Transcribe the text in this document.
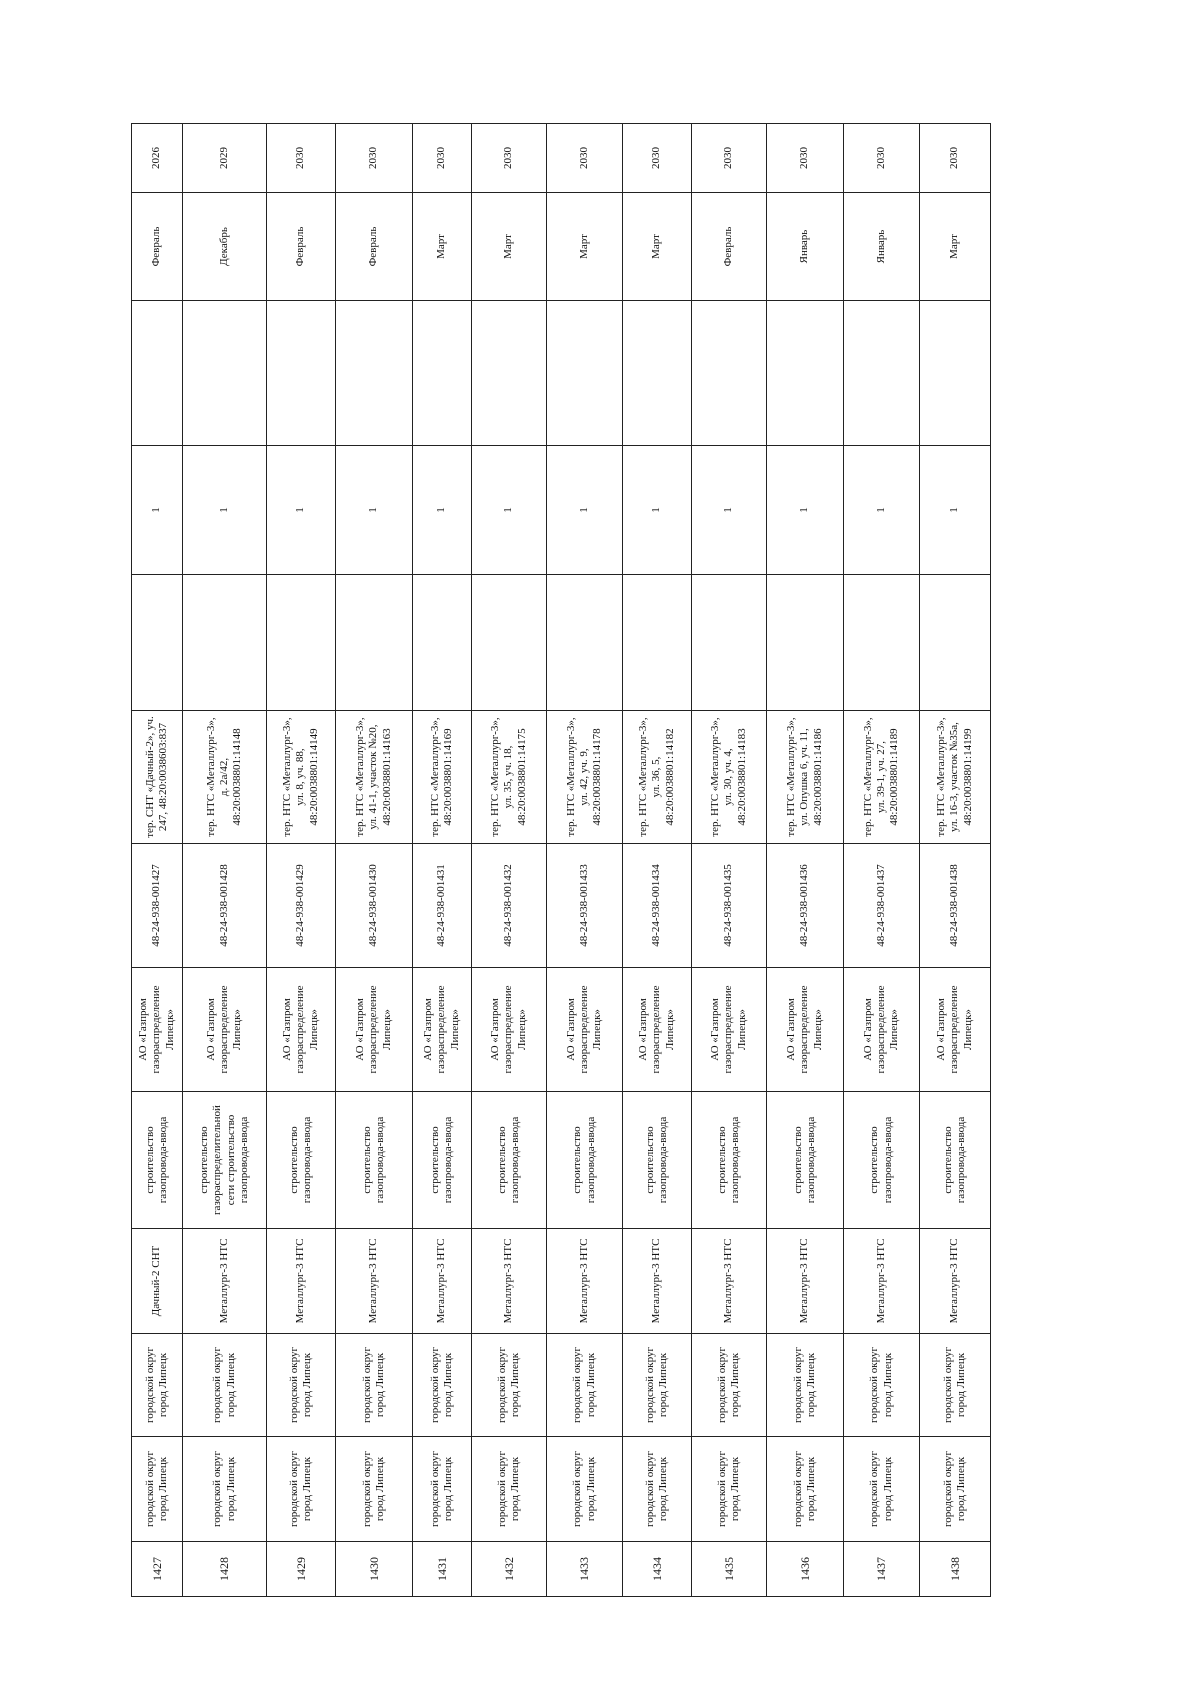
1427	городской округ город Липецк	городской округ город Липецк	Дачный-2 СНТ	строительство газопровода-ввода	АО «Газпром газораспределение Липецк»	48-24-938-001427	тер. СНТ «Дачный-2», уч. 247, 48:20:0038603:837		1		Февраль	2026
1428	городской округ город Липецк	городской округ город Липецк	Металлург-3 НТС	строительство газораспределительной сети строительство газопровода-ввода	АО «Газпром газораспределение Липецк»	48-24-938-001428	тер. НТС «Металлург-3», д. 2а/42, 48:20:0038801:14148		1		Декабрь	2029
1429	городской округ город Липецк	городской округ город Липецк	Металлург-3 НТС	строительство газопровода-ввода	АО «Газпром газораспределение Липецк»	48-24-938-001429	тер. НТС «Металлург-3», ул. 8, уч. 88, 48:20:0038801:14149		1		Февраль	2030
1430	городской округ город Липецк	городской округ город Липецк	Металлург-3 НТС	строительство газопровода-ввода	АО «Газпром газораспределение Липецк»	48-24-938-001430	тер. НТС «Металлург-3», ул. 41-1, участок №20, 48:20:0038801:14163		1		Февраль	2030
1431	городской округ город Липецк	городской округ город Липецк	Металлург-3 НТС	строительство газопровода-ввода	АО «Газпром газораспределение Липецк»	48-24-938-001431	тер. НТС «Металлург-3», 48:20:0038801:14169		1		Март	2030
1432	городской округ город Липецк	городской округ город Липецк	Металлург-3 НТС	строительство газопровода-ввода	АО «Газпром газораспределение Липецк»	48-24-938-001432	тер. НТС «Металлург-3», ул. 35, уч. 18, 48:20:0038801:14175		1		Март	2030
1433	городской округ город Липецк	городской округ город Липецк	Металлург-3 НТС	строительство газопровода-ввода	АО «Газпром газораспределение Липецк»	48-24-938-001433	тер. НТС «Металлург-3», ул. 42, уч. 9, 48:20:0038801:14178		1		Март	2030
1434	городской округ город Липецк	городской округ город Липецк	Металлург-3 НТС	строительство газопровода-ввода	АО «Газпром газораспределение Липецк»	48-24-938-001434	тер. НТС «Металлург-3», ул. 36, 5, 48:20:0038801:14182		1		Март	2030
1435	городской округ город Липецк	городской округ город Липецк	Металлург-3 НТС	строительство газопровода-ввода	АО «Газпром газораспределение Липецк»	48-24-938-001435	тер. НТС «Металлург-3», ул. 30, уч. 4, 48:20:0038801:14183		1		Февраль	2030
1436	городской округ город Липецк	городской округ город Липецк	Металлург-3 НТС	строительство газопровода-ввода	АО «Газпром газораспределение Липецк»	48-24-938-001436	тер. НТС «Металлург-3», ул. Опушка 6, уч. 11, 48:20:0038801:14186		1		Январь	2030
1437	городской округ город Липецк	городской округ город Липецк	Металлург-3 НТС	строительство газопровода-ввода	АО «Газпром газораспределение Липецк»	48-24-938-001437	тер. НТС «Металлург-3», ул. 39-1, уч. 27, 48:20:0038801:14189		1		Январь	2030
1438	городской округ город Липецк	городской округ город Липецк	Металлург-3 НТС	строительство газопровода-ввода	АО «Газпром газораспределение Липецк»	48-24-938-001438	тер. НТС «Металлург-3», ул. 16-3, участок №35а, 48:20:0038801:14199		1		Март	2030
